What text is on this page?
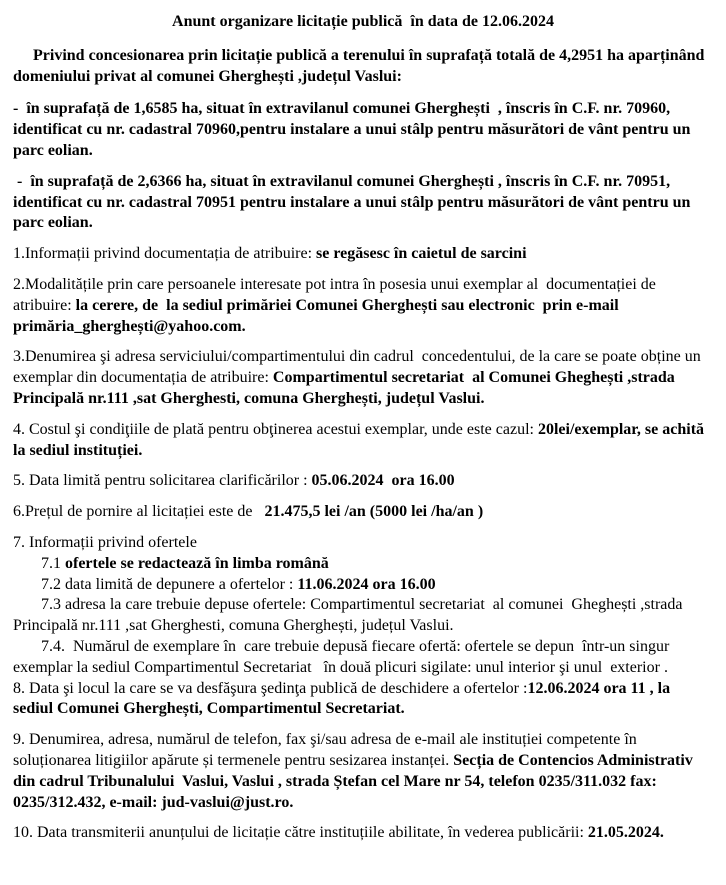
Anunt organizare licitație publică  în data de 12.06.2024

Privind concesionarea prin licitație publică a terenului în suprafață totală de 4,2951 ha aparținând domeniului privat al comunei Gherghești ,județul Vaslui:

-  în suprafață de 1,6585 ha, situat în extravilanul comunei Gherghești  , înscris în C.F. nr. 70960, identificat cu nr. cadastral 70960,pentru instalare a unui stâlp pentru măsurători de vânt pentru un parc eolian.

-  în suprafață de 2,6366 ha, situat în extravilanul comunei Gherghești , înscris în C.F. nr. 70951, identificat cu nr. cadastral 70951 pentru instalare a unui stâlp pentru măsurători de vânt pentru un parc eolian.

1.Informații privind documentația de atribuire: se regăsesc în caietul de sarcini

2.Modalitățile prin care persoanele interesate pot intra în posesia unui exemplar al  documentației de atribuire: la cerere, de  la sediul primăriei Comunei Gherghești sau electronic  prin e-mail primăria_gherghești@yahoo.com.

3.Denumirea şi adresa serviciului/compartimentului din cadrul  concedentului, de la care se poate obține un exemplar din documentația de atribuire: Compartimentul secretariat  al Comunei Gheghești ,strada Principală nr.111 ,sat Gherghesti, comuna Gherghești, județul Vaslui.

4. Costul şi condiţiile de plată pentru obţinerea acestui exemplar, unde este cazul: 20lei/exemplar, se achită la sediul instituției.

5. Data limită pentru solicitarea clarificărilor : 05.06.2024  ora 16.00

6.Prețul de pornire al licitației este de   21.475,5 lei /an (5000 lei /ha/an )

7. Informații privind ofertele

7.1 ofertele se redactează în limba română

7.2 data limită de depunere a ofertelor : 11.06.2024 ora 16.00

7.3 adresa la care trebuie depuse ofertele: Compartimentul secretariat  al comunei  Gheghești ,strada Principală nr.111 ,sat Gherghesti, comuna Gherghești, județul Vaslui.

7.4.  Numărul de exemplare în  care trebuie depusă fiecare ofertă: ofertele se depun  într-un singur exemplar la sediul Compartimentul Secretariat   în două plicuri sigilate: unul interior şi unul  exterior .

8. Data şi locul la care se va desfăşura şedinţa publică de deschidere a ofertelor :12.06.2024 ora 11 , la sediul Comunei Gherghești, Compartimentul Secretariat.

9. Denumirea, adresa, numărul de telefon, fax şi/sau adresa de e-mail ale instituției competente în soluționarea litigiilor apărute și termenele pentru sesizarea instanței. Secția de Contencios Administrativ din cadrul Tribunalului  Vaslui, Vaslui , strada Ștefan cel Mare nr 54, telefon 0235/311.032 fax: 0235/312.432, e-mail: jud-vaslui@just.ro.

10. Data transmiterii anunțului de licitație către instituțiile abilitate, în vederea publicării: 21.05.2024.
